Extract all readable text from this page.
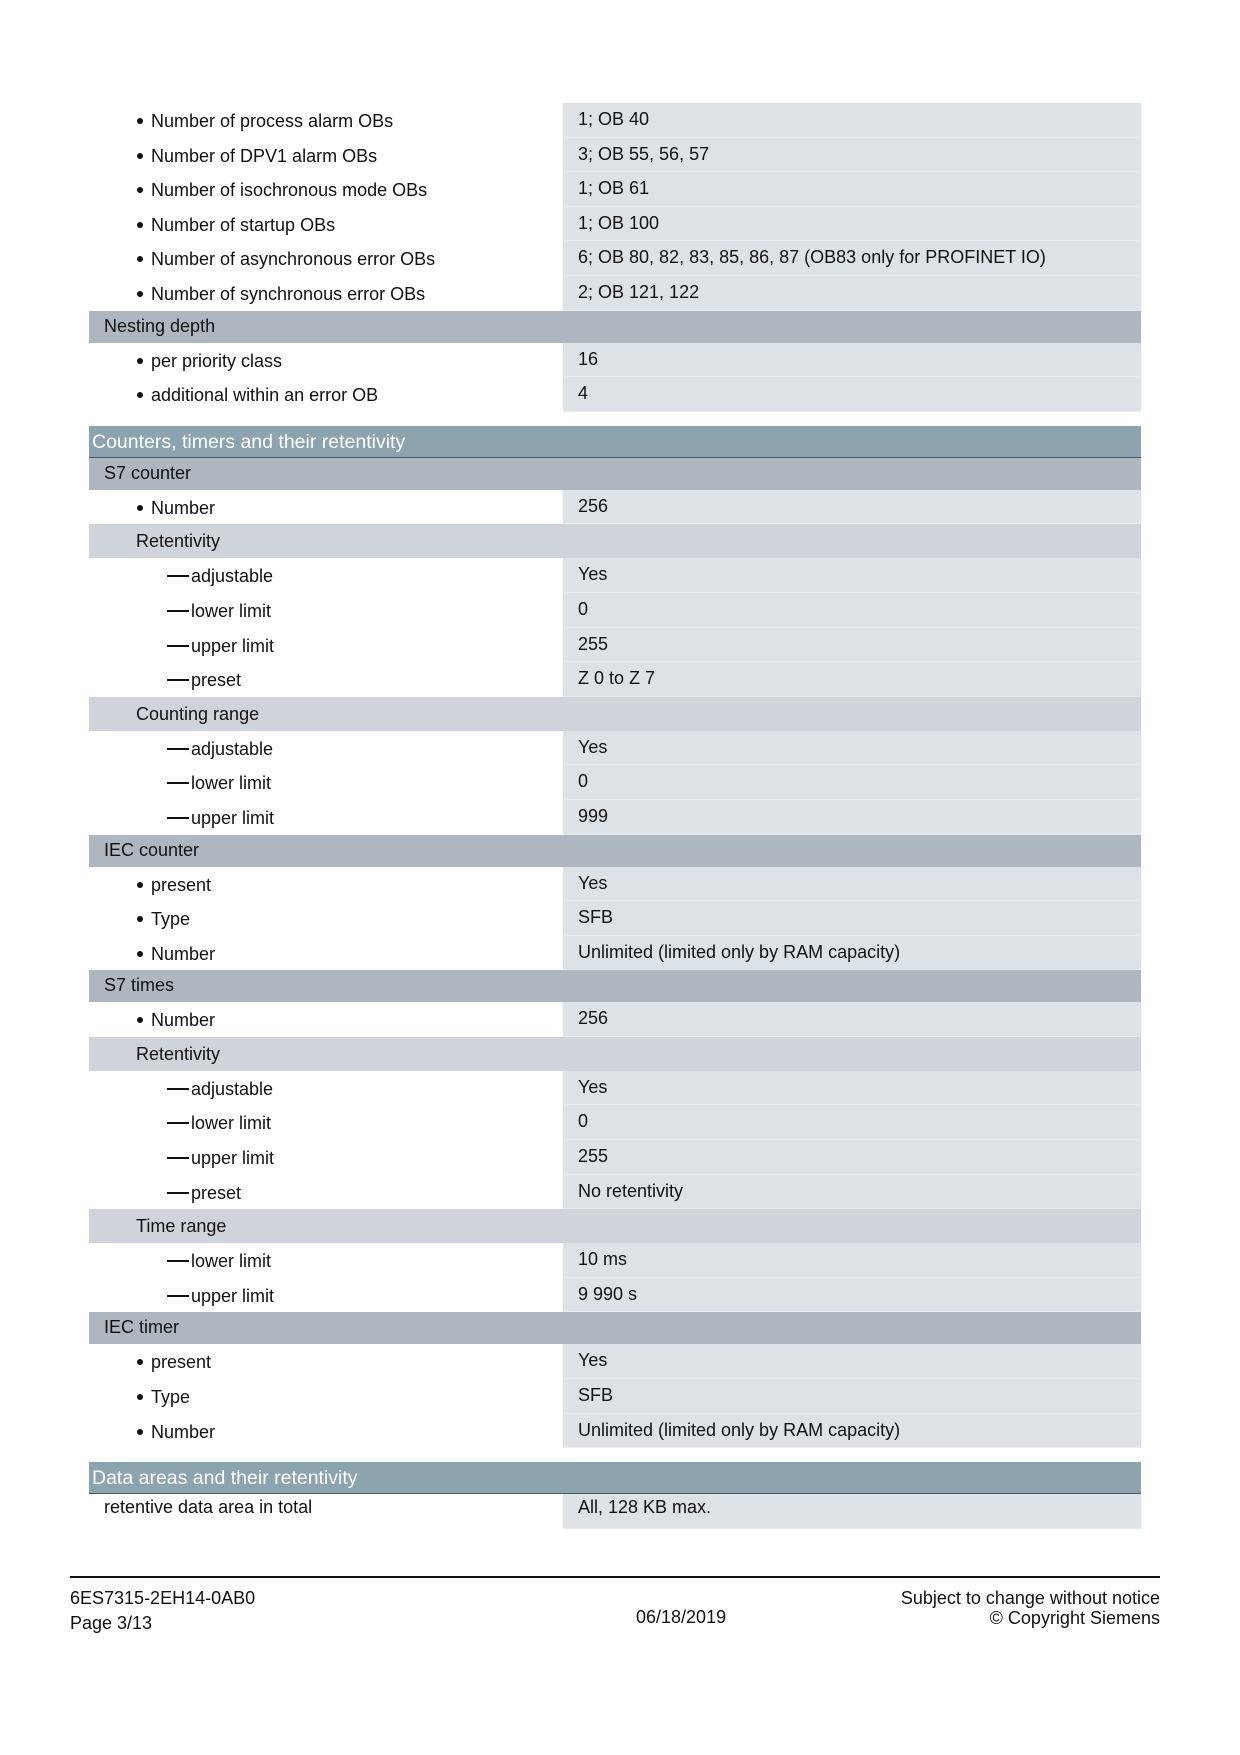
Number of process alarm OBs	1; OB 40
Number of DPV1 alarm OBs	3; OB 55, 56, 57
Number of isochronous mode OBs	1; OB 61
Number of startup OBs	1; OB 100
Number of asynchronous error OBs	6; OB 80, 82, 83, 85, 86, 87 (OB83 only for PROFINET IO)
Number of synchronous error OBs	2; OB 121, 122
Nesting depth
per priority class	16
additional within an error OB	4
Counters, timers and their retentivity
S7 counter
Number	256
Retentivity
adjustable	Yes
lower limit	0
upper limit	255
preset	Z 0 to Z 7
Counting range
adjustable	Yes
lower limit	0
upper limit	999
IEC counter
present	Yes
Type	SFB
Number	Unlimited (limited only by RAM capacity)
S7 times
Number	256
Retentivity
adjustable	Yes
lower limit	0
upper limit	255
preset	No retentivity
Time range
lower limit	10 ms
upper limit	9 990 s
IEC timer
present	Yes
Type	SFB
Number	Unlimited (limited only by RAM capacity)
Data areas and their retentivity
retentive data area in total	All, 128 KB max.
6ES7315-2EH14-0AB0
Page 3/13	06/18/2019
Subject to change without notice
© Copyright Siemens
